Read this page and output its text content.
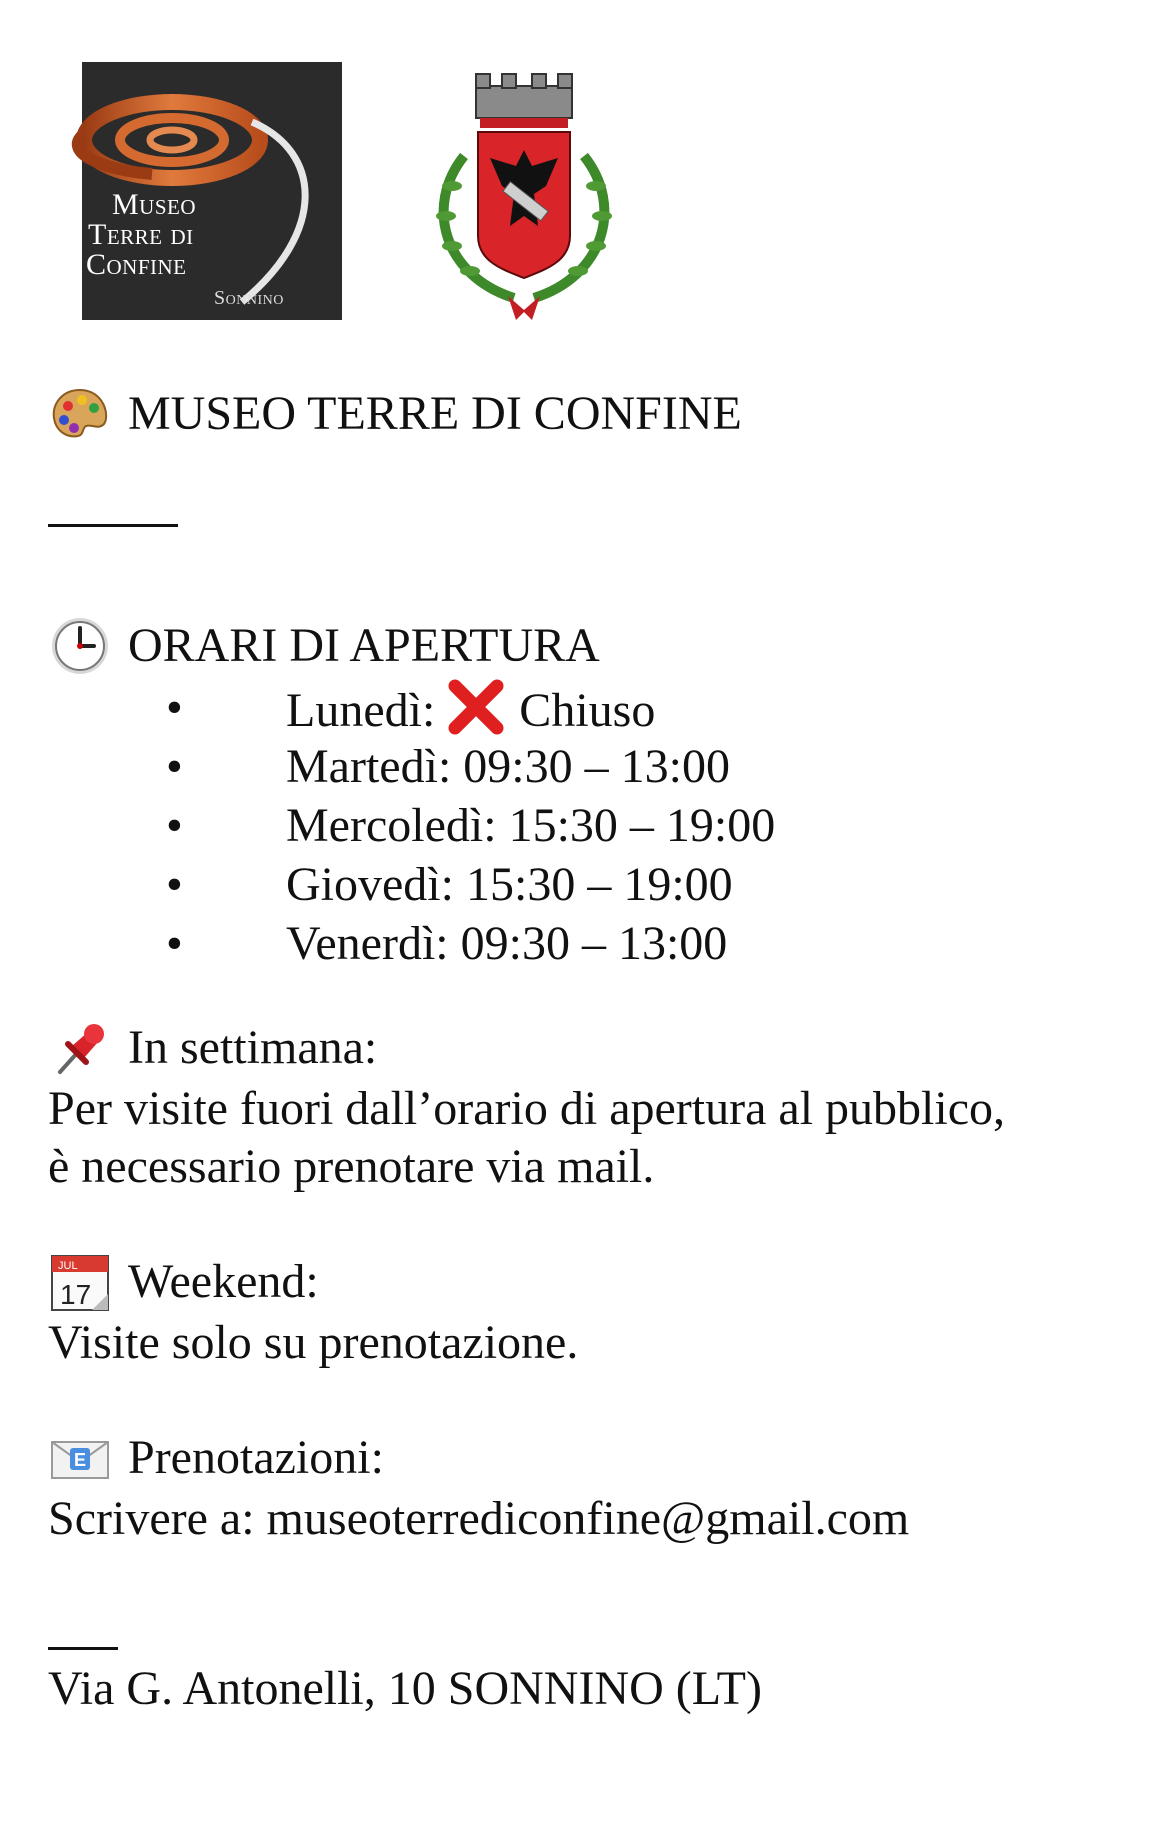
Museo
Terre di
Confine
Sonnino
MUSEO TERRE DI CONFINE
ORARI DI APERTURA
• Lunedì: Chiuso
• Martedì: 09:30 – 13:00
• Mercoledì: 15:30 – 19:00
• Giovedì: 15:30 – 19:00
• Venerdì: 09:30 – 13:00
In settimana:
Per visite fuori dall’orario di apertura al pubblico,
è necessario prenotare via mail.
JUL
17 Weekend:
Visite solo su prenotazione.
E Prenotazioni:
Scrivere a: museoterrediconfine@gmail.com
Via G. Antonelli, 10 SONNINO (LT)
